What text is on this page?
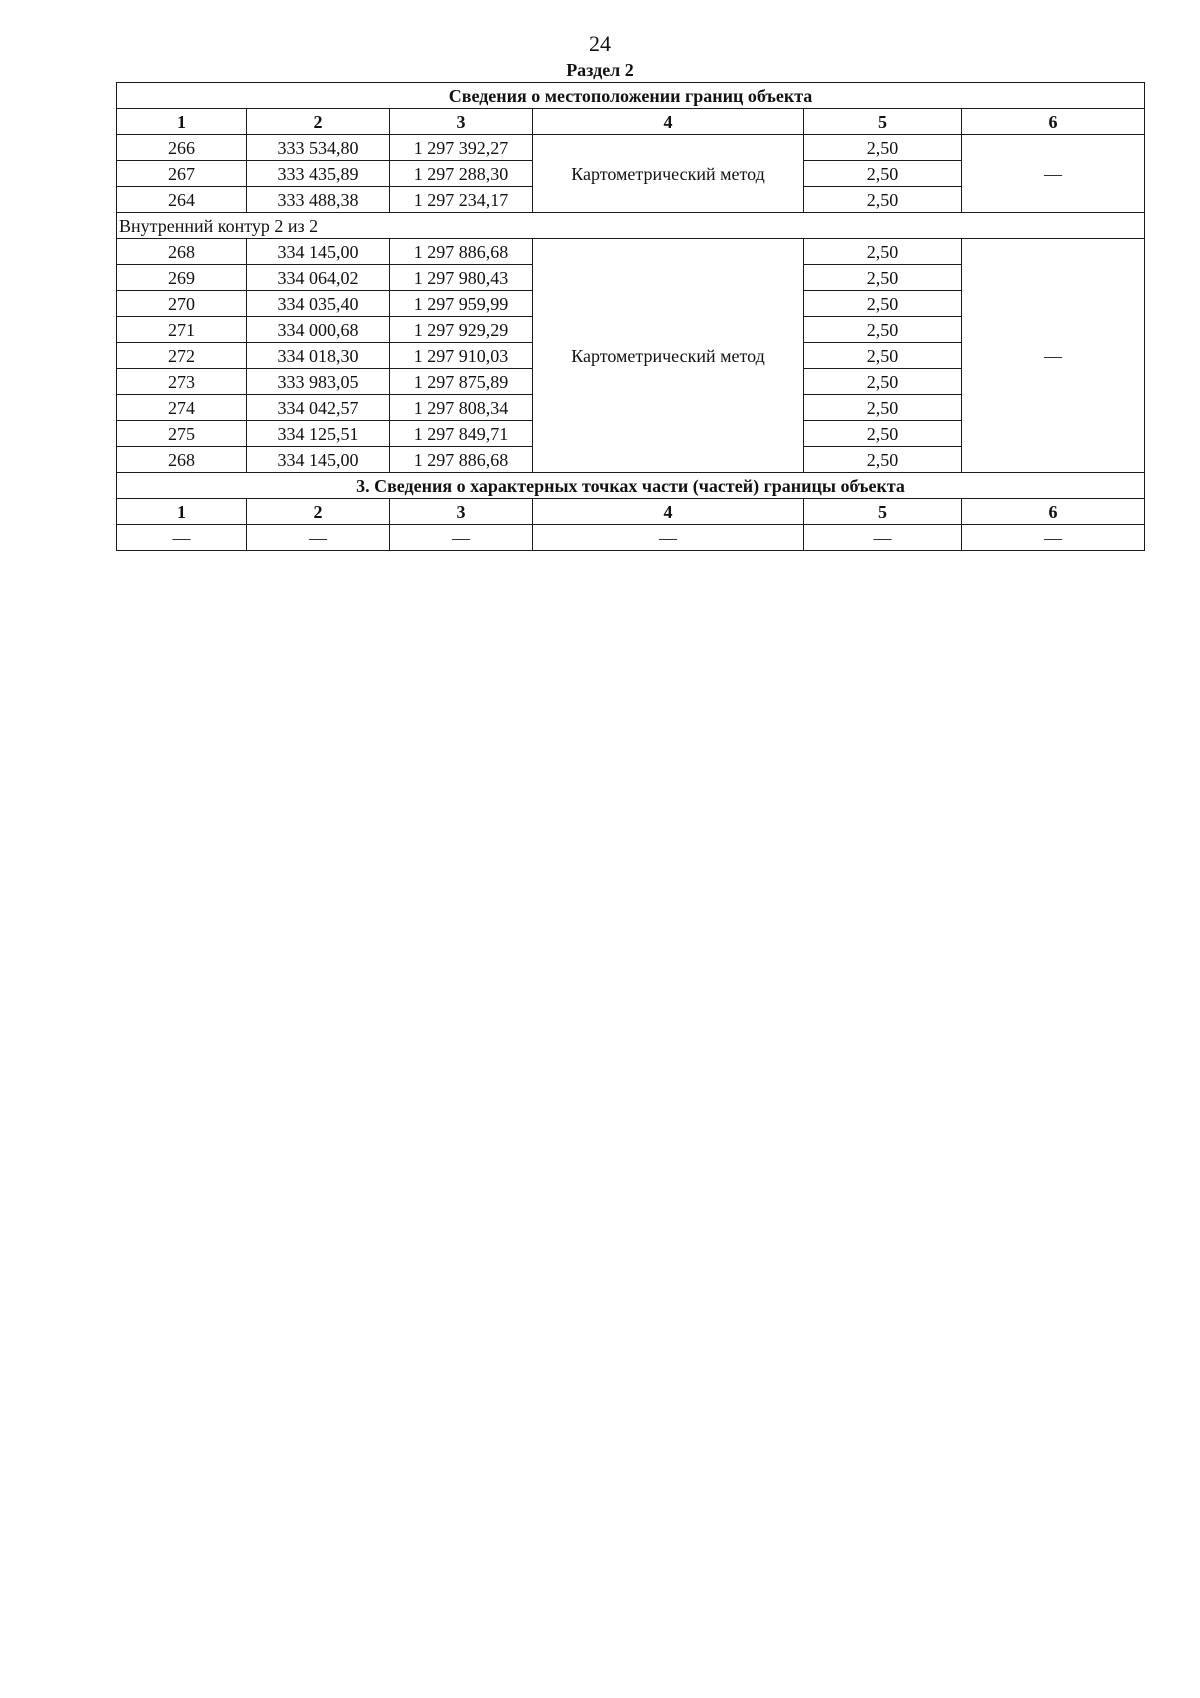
24
Раздел 2
Сведения о местоположении границ объекта					
1	2	3	4	5	6
266	333 534,80	1 297 392,27	Картометрический метод	2,50	—
267	333 435,89	1 297 288,30		2,50	
264	333 488,38	1 297 234,17		2,50	
Внутренний контур 2 из 2					
268	334 145,00	1 297 886,68	Картометрический метод	2,50	—
269	334 064,02	1 297 980,43		2,50	
270	334 035,40	1 297 959,99		2,50	
271	334 000,68	1 297 929,29		2,50	
272	334 018,30	1 297 910,03		2,50	
273	333 983,05	1 297 875,89		2,50	
274	334 042,57	1 297 808,34		2,50	
275	334 125,51	1 297 849,71		2,50	
268	334 145,00	1 297 886,68		2,50	
3. Сведения о характерных точках части (частей) границы объекта					
1	2	3	4	5	6
—	—	—	—	—	—
